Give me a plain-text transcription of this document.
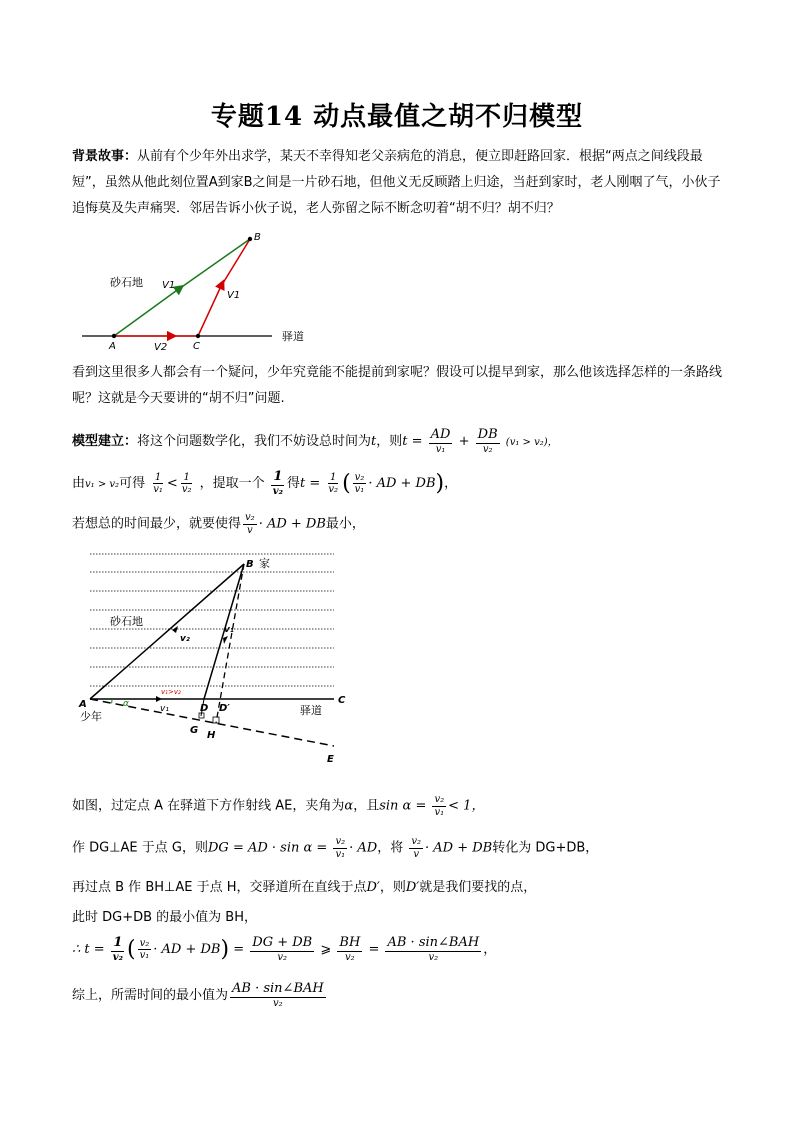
专题14 动点最值之胡不归模型
背景故事：从前有个少年外出求学，某天不幸得知老父亲病危的消息，便立即赶路回家．根据“两点之间线段最短”，虽然从他此刻位置A到家B之间是一片砂石地，但他义无反顾踏上归途，当赶到家时，老人刚咽了气，小伙子追悔莫及失声痛哭．邻居告诉小伙子说，老人弥留之际不断念叨着“胡不归？胡不归？
B
A	C
砂石地
驿道
V1
V1
V2
看到这里很多人都会有一个疑问，少年究竟能不能提前到家呢？假设可以提早到家，那么他该选择怎样的一条路线呢？这就是今天要讲的“胡不归”问题.
模型建立：将这个问题数学化，我们不妨设总时间为t，则$t = \frac{AD}{\text{v₁}} + \frac{DB}{\text{v₂}} (v_1 > v_2)$，
由v₁ > v₂可得 $\frac{1}{\text{v₁}} < \frac{1}{\text{v₂}}$ ，提取一个 $\frac{1}{\text{v₂}}$ 得$t = \frac{1}{\text{v₂}}$ ( $\frac{\text{v₂}}{\text{v₁}}$ · AD + DB)，
若想总的时间最少，就要使得 $\frac{\text{v₂}}{v}$ · AD + DB最小，
B 家
砂石地
v₂
v₁
v₁>v₂
v₁
α
A
少年
D D′
G H
驿道
C
E
如图，过定点 A 在驿道下方作射线 AE，夹角为α，且$\sin \alpha = \frac{\text{v₂}}{\text{v₁}} < 1$，
作 DG⊥AE 于点 G，则DG = AD · $\sin \alpha = \frac{\text{v₂}}{\text{v₁}}$ · AD，将 $\frac{\text{v₂}}{v}$ · AD + DB转化为 DG+DB，
再过点 B 作 BH⊥AE 于点 H，交驿道所在直线于点D′，则D′就是我们要找的点，
此时 DG+DB 的最小值为 BH，
∴ $t = \frac{1}{\text{v₂}}$ ( $\frac{\text{v₂}}{\text{v₁}}$ · AD + $DB) = \frac{DG + DB}{\text{v₂}}$ ⩾ $\frac{BH}{\text{v₂}} = \frac{\text{AB · sin∠BAH}}{\text{v₂}}$ ，
综上，所需时间的最小值为 $\frac{\text{AB · sin∠BAH}}{\text{v₂}}$
